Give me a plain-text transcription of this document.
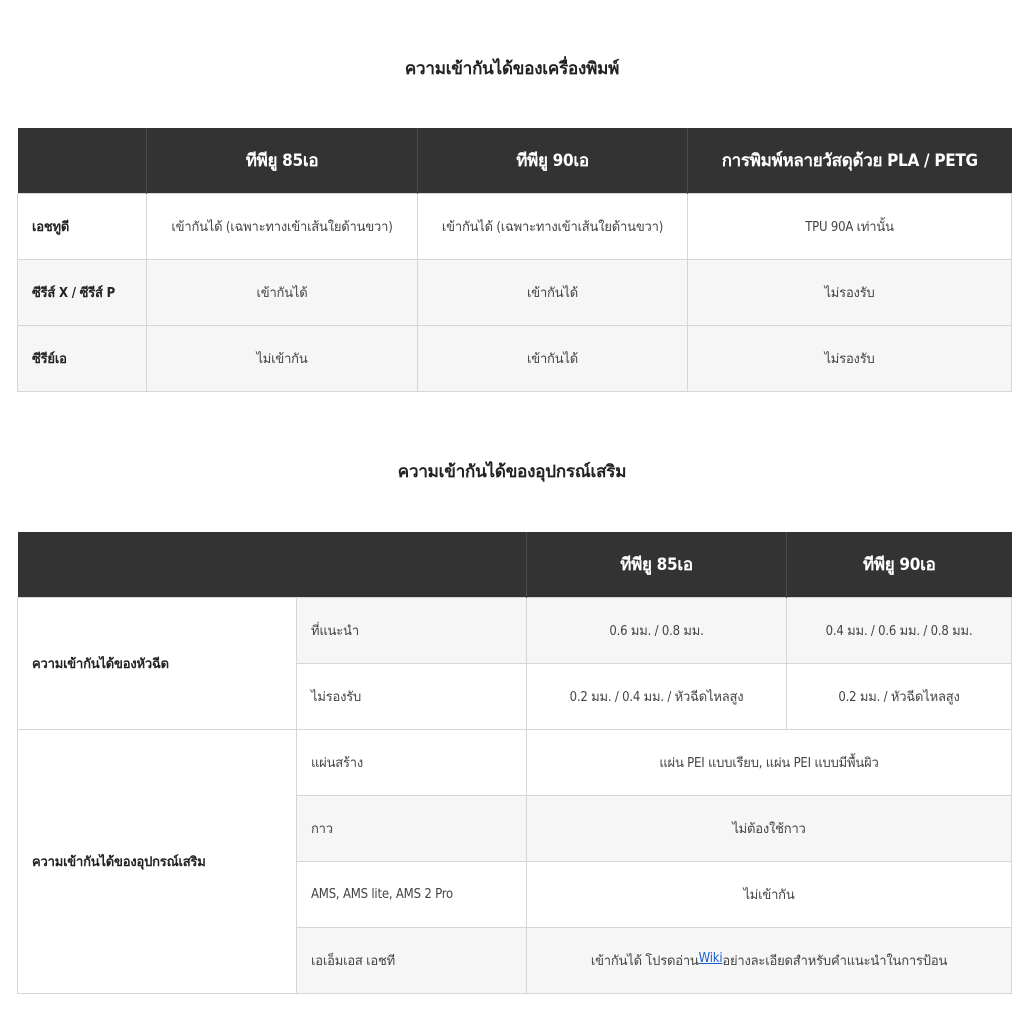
ความเข้ากันได้ของเครื่องพิมพ์
	ทีพียู 85เอ	ทีพียู 90เอ	การพิมพ์หลายวัสดุด้วย PLA / PETG
เอชทูดี	เข้ากันได้ (เฉพาะทางเข้าเส้นใยด้านขวา)	เข้ากันได้ (เฉพาะทางเข้าเส้นใยด้านขวา)	TPU 90A เท่านั้น
ซีรีส์ X / ซีรีส์ P	เข้ากันได้	เข้ากันได้	ไม่รองรับ
ซีรีย์เอ	ไม่เข้ากัน	เข้ากันได้	ไม่รองรับ
ความเข้ากันได้ของอุปกรณ์เสริม
		ทีพียู 85เอ	ทีพียู 90เอ
ความเข้ากันได้ของหัวฉีด	ที่แนะนำ	0.6 มม. / 0.8 มม.	0.4 มม. / 0.6 มม. / 0.8 มม.
	ไม่รองรับ	0.2 มม. / 0.4 มม. / หัวฉีดไหลสูง	0.2 มม. / หัวฉีดไหลสูง
ความเข้ากันได้ของอุปกรณ์เสริม	แผ่นสร้าง	แผ่น PEI แบบเรียบ, แผ่น PEI แบบมีพื้นผิว	
	กาว	ไม่ต้องใช้กาว	
	AMS, AMS lite, AMS 2 Pro	ไม่เข้ากัน	
	เอเอ็มเอส เอชที	เข้ากันได้ โปรดอ่านWikiอย่างละเอียดสำหรับคำแนะนำในการป้อน	
